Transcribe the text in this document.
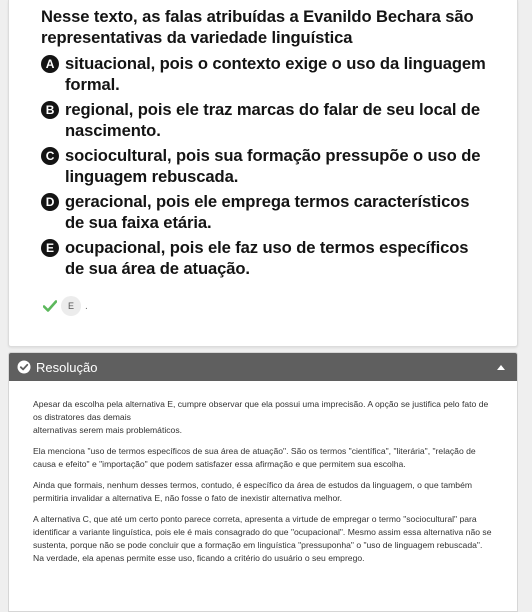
Nesse texto, as falas atribuídas a Evanildo Bechara são representativas da variedade linguística

A situacional, pois o contexto exige o uso da linguagem formal.
B regional, pois ele traz marcas do falar de seu local de nascimento.
C sociocultural, pois sua formação pressupõe o uso de linguagem rebuscada.
D geracional, pois ele emprega termos característicos de sua faixa etária.
E ocupacional, pois ele faz uso de termos específicos de sua área de atuação.
E	.
Resolução

Apesar da escolha pela alternativa E, cumpre observar que ela possui uma imprecisão. A opção se justifica pelo fato de os distratores das demais

alternativas serem mais problemáticos.

Ela menciona "uso de termos específicos de sua área de atuação". São os termos "científica", "literária", "relação de causa e efeito" e "importação" que podem satisfazer essa afirmação e que permitem sua escolha.

Ainda que formais, nenhum desses termos, contudo, é específico da área de estudos da linguagem, o que também permitiria invalidar a alternativa E, não fosse o fato de inexistir alternativa melhor.

A alternativa C, que até um certo ponto parece correta, apresenta a virtude de empregar o termo "sociocultural" para identificar a variante linguística, pois ele é mais consagrado do que "ocupacional". Mesmo assim essa alternativa não se sustenta, porque não se pode concluir que a formação em linguística "pressuponha" o "uso de linguagem rebuscada". Na verdade, ela apenas permite esse uso, ficando a critério do usuário o seu emprego.
